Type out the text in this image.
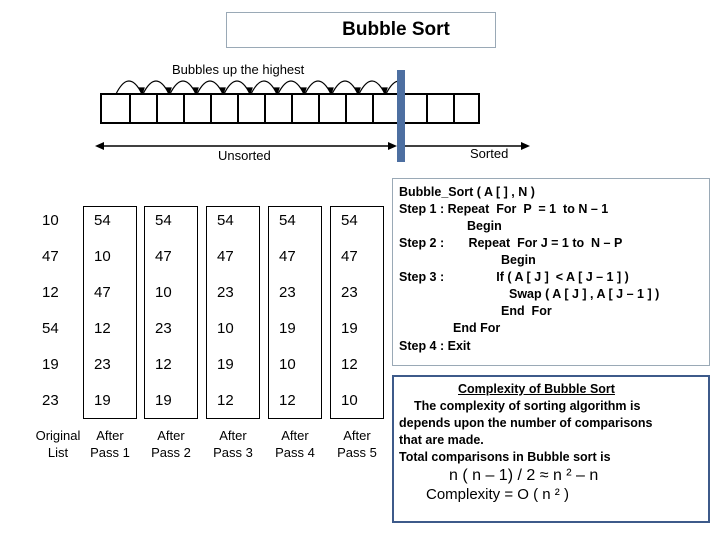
Bubble Sort
Bubbles up the highest
Unsorted	Sorted
10
47
12
54
19
23
Original
List
54
10
47
12
23
19
After
Pass 1
54
47
10
23
12
19
After
Pass 2
54
47
23
10
19
12
After
Pass 3
54
47
23
19
10
12
After
Pass 4
54
47
23
19
12
10
After
Pass 5
Bubble_Sort ( A [ ] , N )
Step 1 : Repeat  For  P  = 1  to N – 1
Begin
Step 2 :       Repeat  For J = 1 to  N – P
Begin
Step 3 :               If ( A [ J ]  < A [ J – 1 ] )
Swap ( A [ J ] , A [ J – 1 ] )
End  For
End For
Step 4 : Exit
Complexity of Bubble Sort
The complexity of sorting algorithm is
depends upon the number of comparisons
that are made.
Total comparisons in Bubble sort is
n ( n – 1) / 2 ≈ n ² – n
Complexity = O ( n ² )
